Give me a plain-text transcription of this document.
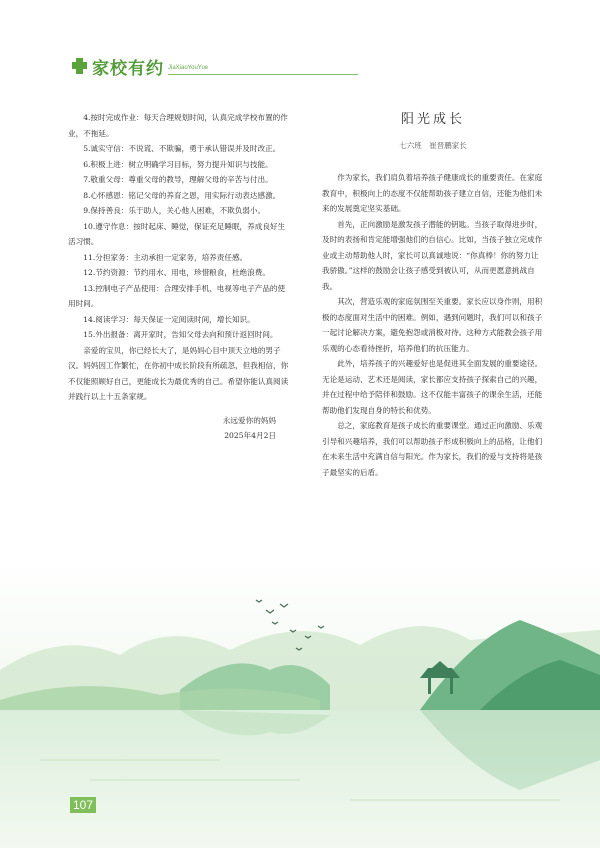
家校有约 JiaXiaoYouYue

4.按时完成作业：每天合理规划时间，认真完成学校布置的作业，不拖延。

5.诚实守信：不说谎、不欺骗，勇于承认错误并及时改正。

6.积极上进：树立明确学习目标，努力提升知识与技能。

7.敬重父母：尊重父母的教导，理解父母的辛苦与付出。

8.心怀感恩：铭记父母的养育之恩，用实际行动表达感激。

9.保持善良：乐于助人，关心他人困难，不欺负弱小。

10.遵守作息：按时起床、睡觉，保证充足睡眠，养成良好生活习惯。

11.分担家务：主动承担一定家务，培养责任感。

12.节约资源：节约用水、用电，珍惜粮食，杜绝浪费。

13.控制电子产品使用：合理安排手机、电视等电子产品的使用时间。

14.阅读学习：每天保证一定阅读时间，增长知识。

15.外出报备：离开家时，告知父母去向和预计返回时间。

亲爱的宝贝，你已经长大了，是妈妈心目中顶天立地的男子汉。妈妈因工作繁忙，在你初中成长阶段有所疏忽，但我相信，你不仅能照顾好自己，更能成长为最优秀的自己。希望你能认真阅读并践行以上十五条家规。

永远爱你的妈妈

2025年4月2日

阳光成长
七六班　崔晋鹏家长

作为家长，我们肩负着培养孩子健康成长的重要责任。在家庭教育中，积极向上的态度不仅能帮助孩子建立自信，还能为他们未来的发展奠定坚实基础。

首先，正向激励是激发孩子潜能的钥匙。当孩子取得进步时，及时的表扬和肯定能增强他们的自信心。比如，当孩子独立完成作业或主动帮助他人时，家长可以真诚地说：“你真棒！你的努力让我骄傲。”这样的鼓励会让孩子感受到被认可，从而更愿意挑战自我。

其次，营造乐观的家庭氛围至关重要。家长应以身作则，用积极的态度面对生活中的困难。例如，遇到问题时，我们可以和孩子一起讨论解决方案，避免抱怨或消极对待。这种方式能教会孩子用乐观的心态看待挫折，培养他们的抗压能力。

此外，培养孩子的兴趣爱好也是促进其全面发展的重要途径。无论是运动、艺术还是阅读，家长都应支持孩子探索自己的兴趣，并在过程中给予陪伴和鼓励。这不仅能丰富孩子的课余生活，还能帮助他们发现自身的特长和优势。

总之，家庭教育是孩子成长的重要课堂。通过正向激励、乐观引导和兴趣培养，我们可以帮助孩子形成积极向上的品格，让他们在未来生活中充满自信与阳光。作为家长，我们的爱与支持将是孩子最坚实的后盾。

107
